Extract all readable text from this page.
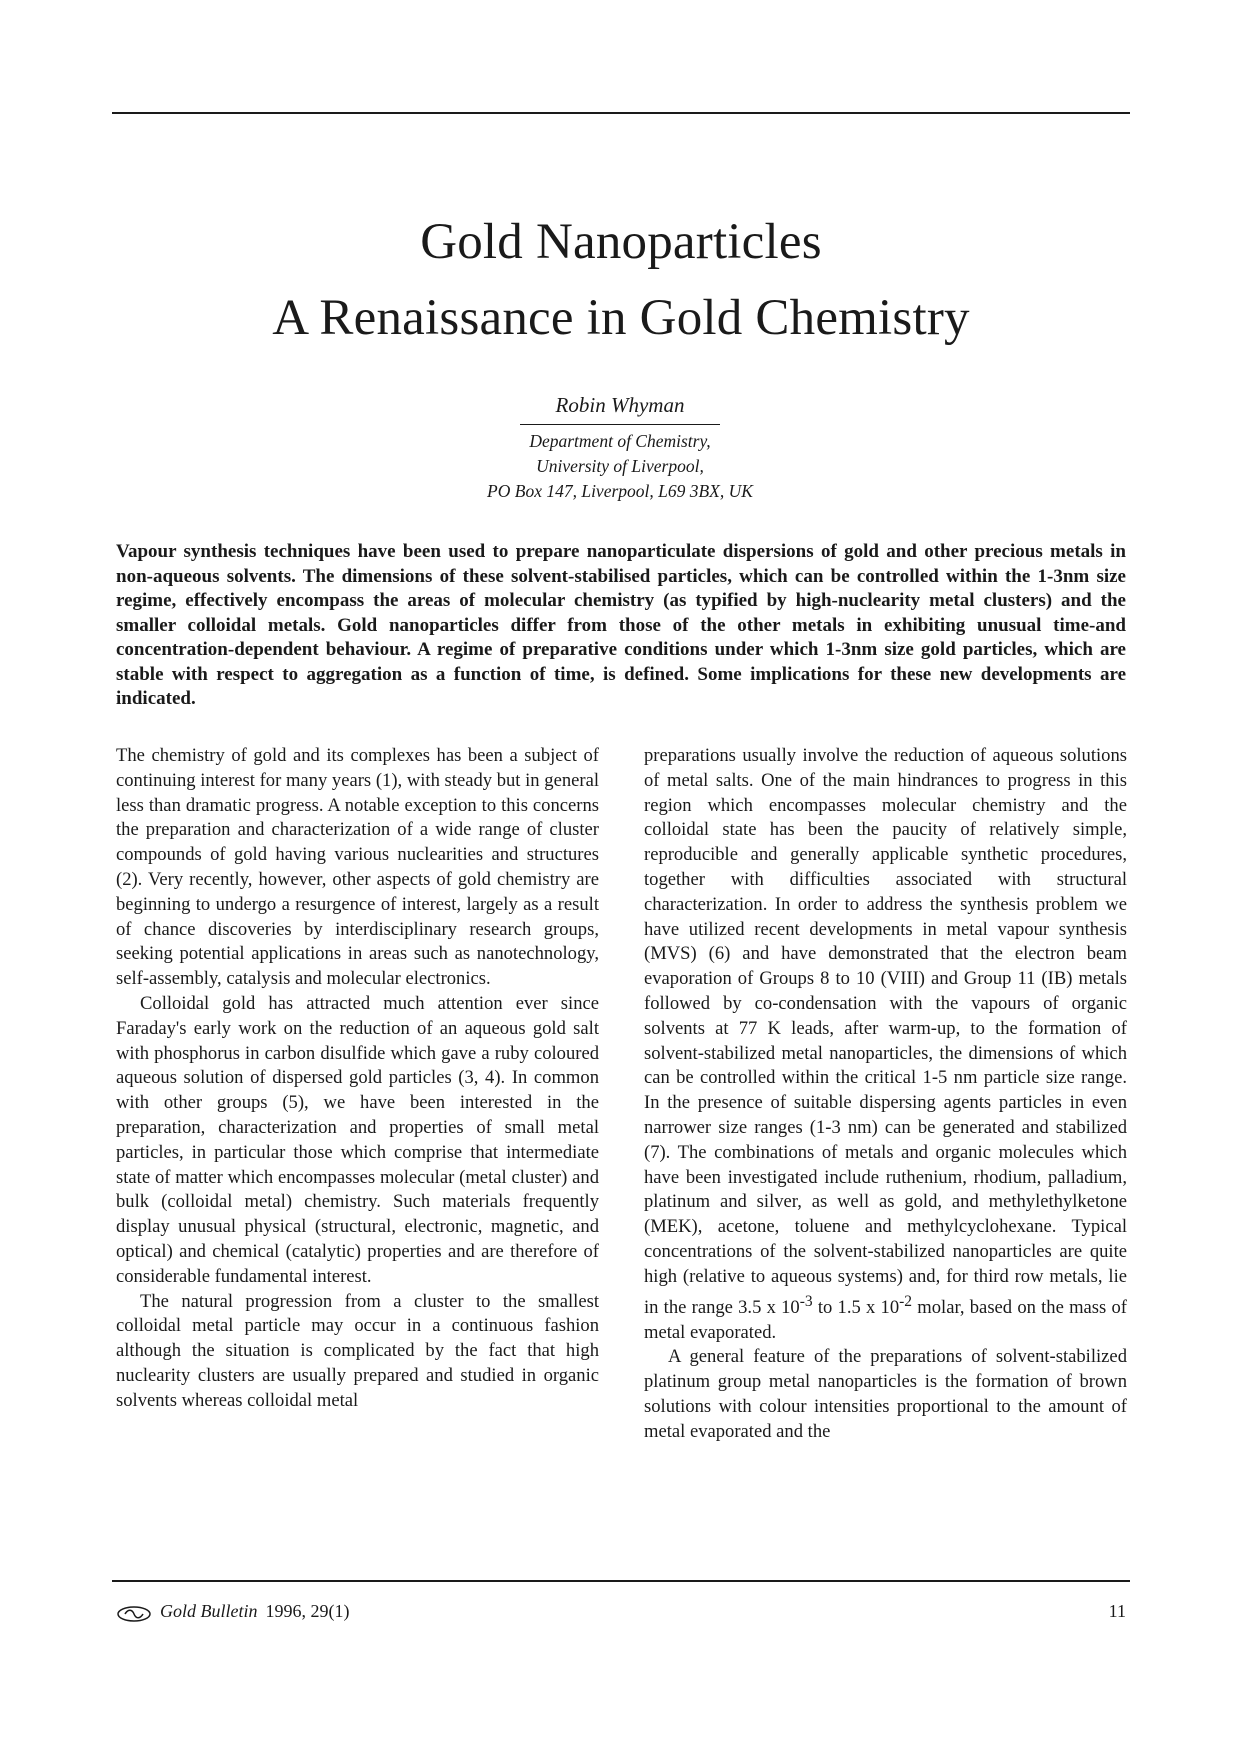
Gold Nanoparticles
A Renaissance in Gold Chemistry
Robin Whyman
Department of Chemistry,
University of Liverpool,
PO Box 147, Liverpool, L69 3BX, UK

Vapour synthesis techniques have been used to prepare nanoparticulate dispersions of gold and other precious metals in non-aqueous solvents. The dimensions of these solvent-stabilised particles, which can be controlled within the 1-3nm size regime, effectively encompass the areas of molecular chemistry (as typified by high-nuclearity metal clusters) and the smaller colloidal metals. Gold nanoparticles differ from those of the other metals in exhibiting unusual time-and concentration-dependent behaviour. A regime of preparative conditions under which 1-3nm size gold particles, which are stable with respect to aggregation as a function of time, is defined. Some implications for these new developments are indicated.

The chemistry of gold and its complexes has been a subject of continuing interest for many years (1), with steady but in general less than dramatic progress. A notable exception to this concerns the preparation and characterization of a wide range of cluster compounds of gold having various nuclearities and structures (2). Very recently, however, other aspects of gold chemistry are beginning to undergo a resurgence of interest, largely as a result of chance discoveries by interdisciplinary research groups, seeking potential applications in areas such as nanotechnology, self-assembly, catalysis and molecular electronics.

Colloidal gold has attracted much attention ever since Faraday's early work on the reduction of an aqueous gold salt with phosphorus in carbon disulfide which gave a ruby coloured aqueous solution of dispersed gold particles (3, 4). In common with other groups (5), we have been interested in the preparation, characterization and properties of small metal particles, in particular those which comprise that intermediate state of matter which encompasses molecular (metal cluster) and bulk (colloidal metal) chemistry. Such materials frequently display unusual physical (structural, electronic, magnetic, and optical) and chemical (catalytic) properties and are therefore of considerable fundamental interest.

The natural progression from a cluster to the smallest colloidal metal particle may occur in a continuous fashion although the situation is complicated by the fact that high nuclearity clusters are usually prepared and studied in organic solvents whereas colloidal metal

preparations usually involve the reduction of aqueous solutions of metal salts. One of the main hindrances to progress in this region which encompasses molecular chemistry and the colloidal state has been the paucity of relatively simple, reproducible and generally applicable synthetic procedures, together with difficulties associated with structural characterization. In order to address the synthesis problem we have utilized recent developments in metal vapour synthesis (MVS) (6) and have demonstrated that the electron beam evaporation of Groups 8 to 10 (VIII) and Group 11 (IB) metals followed by co-condensation with the vapours of organic solvents at 77 K leads, after warm-up, to the formation of solvent-stabilized metal nanoparticles, the dimensions of which can be controlled within the critical 1-5 nm particle size range. In the presence of suitable dispersing agents particles in even narrower size ranges (1-3 nm) can be generated and stabilized (7). The combinations of metals and organic molecules which have been investigated include ruthenium, rhodium, palladium, platinum and silver, as well as gold, and methylethylketone (MEK), acetone, toluene and methylcyclohexane. Typical concentrations of the solvent-stabilized nanoparticles are quite high (relative to aqueous systems) and, for third row metals, lie in the range 3.5 x $10^{-3}$ to 1.5 x $10^{-2}$ molar, based on the mass of metal evaporated.

A general feature of the preparations of solvent-stabilized platinum group metal nanoparticles is the formation of brown solutions with colour intensities proportional to the amount of metal evaporated and the

Gold Bulletin 1996, 29(1)	11
